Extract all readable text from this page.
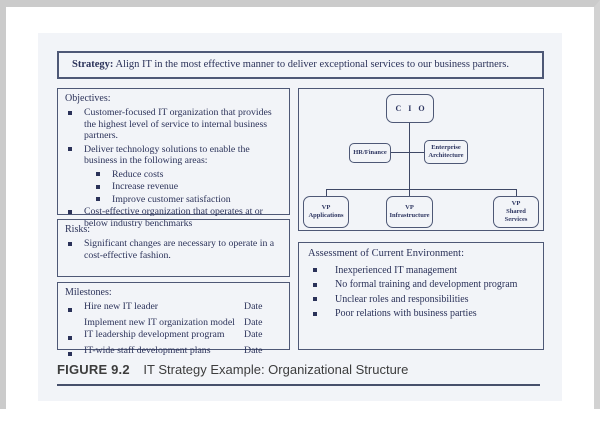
Strategy: Align IT in the most effective manner to deliver exceptional services to our business partners.
Objectives:
Customer-focused IT organization that provides the highest level of service to internal business partners.
Deliver technology solutions to enable the business in the following areas:
Reduce costs
Increase revenue
Improve customer satisfaction
Cost-effective organization that operates at or below industry benchmarks
Risks:
Significant changes are necessary to operate in a cost-effective fashion.
Milestones:
Hire new IT leader	Date
Implement new IT organization model Date
IT leadership development program	Date
IT-wide staff development plans	Date
C I O
HR/Finance
Enterprise
Architecture
VP
Applications
VP
Infrastructure
VP
Shared Services
Assessment of Current Environment:
Inexperienced IT management
No formal training and development program
Unclear roles and responsibilities
Poor relations with business parties
FIGURE 9.2 IT Strategy Example: Organizational Structure
